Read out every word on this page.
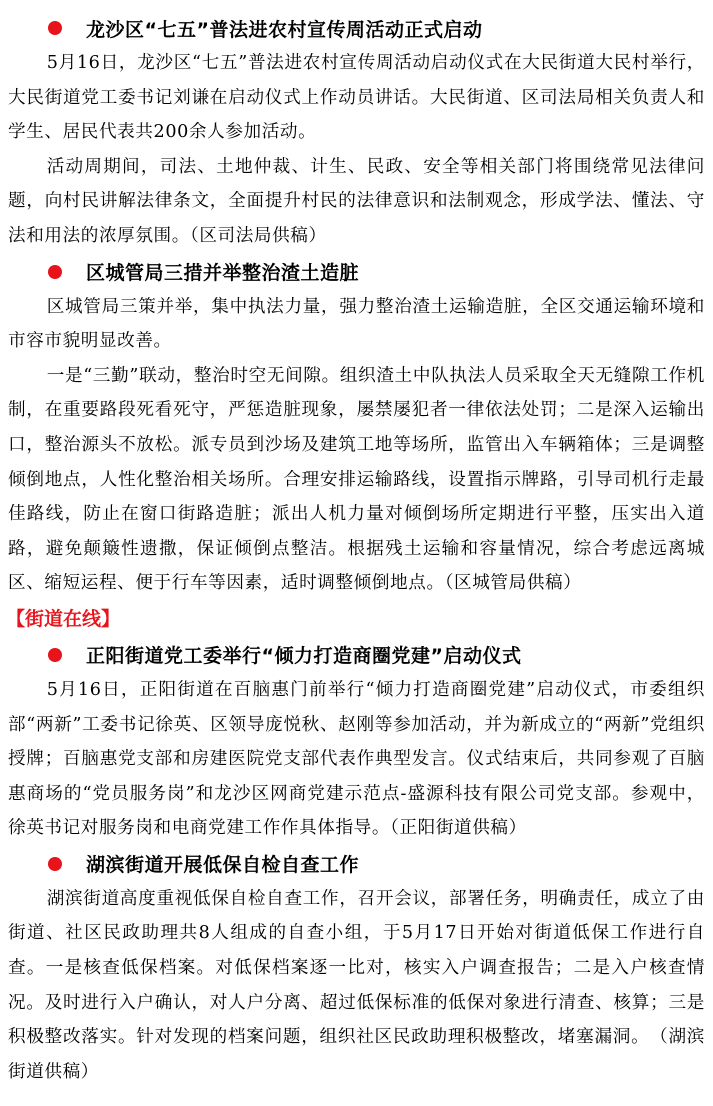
龙沙区“七五”普法进农村宣传周活动正式启动

5月16日，龙沙区“七五”普法进农村宣传周活动启动仪式在大民街道大民村举行，大民街道党工委书记刘谦在启动仪式上作动员讲话。大民街道、区司法局相关负责人和学生、居民代表共200余人参加活动。

活动周期间，司法、土地仲裁、计生、民政、安全等相关部门将围绕常见法律问题，向村民讲解法律条文，全面提升村民的法律意识和法制观念，形成学法、懂法、守法和用法的浓厚氛围。（区司法局供稿）

区城管局三措并举整治渣土造脏

区城管局三策并举，集中执法力量，强力整治渣土运输造脏，全区交通运输环境和市容市貌明显改善。

一是“三勤”联动，整治时空无间隙。组织渣土中队执法人员采取全天无缝隙工作机制，在重要路段死看死守，严惩造脏现象，屡禁屡犯者一律依法处罚；二是深入运输出口，整治源头不放松。派专员到沙场及建筑工地等场所，监管出入车辆箱体；三是调整倾倒地点，人性化整治相关场所。合理安排运输路线，设置指示牌路，引导司机行走最佳路线，防止在窗口街路造脏；派出人机力量对倾倒场所定期进行平整，压实出入道路，避免颠簸性遗撒，保证倾倒点整洁。根据残土运输和容量情况，综合考虑远离城区、缩短运程、便于行车等因素，适时调整倾倒地点。（区城管局供稿）

【街道在线】
正阳街道党工委举行“倾力打造商圈党建”启动仪式

5月16日，正阳街道在百脑惠门前举行“倾力打造商圈党建”启动仪式，市委组织部“两新”工委书记徐英、区领导庞悦秋、赵刚等参加活动，并为新成立的“两新”党组织授牌；百脑惠党支部和房建医院党支部代表作典型发言。仪式结束后，共同参观了百脑惠商场的“党员服务岗”和龙沙区网商党建示范点-盛源科技有限公司党支部。参观中，徐英书记对服务岗和电商党建工作作具体指导。（正阳街道供稿）

湖滨街道开展低保自检自查工作

湖滨街道高度重视低保自检自查工作，召开会议，部署任务，明确责任，成立了由街道、社区民政助理共8人组成的自查小组，于5月17日开始对街道低保工作进行自查。一是核查低保档案。对低保档案逐一比对，核实入户调查报告；二是入户核查情况。及时进行入户确认，对人户分离、超过低保标准的低保对象进行清查、核算；三是积极整改落实。针对发现的档案问题，组织社区民政助理积极整改，堵塞漏洞。　（湖滨街道供稿）
